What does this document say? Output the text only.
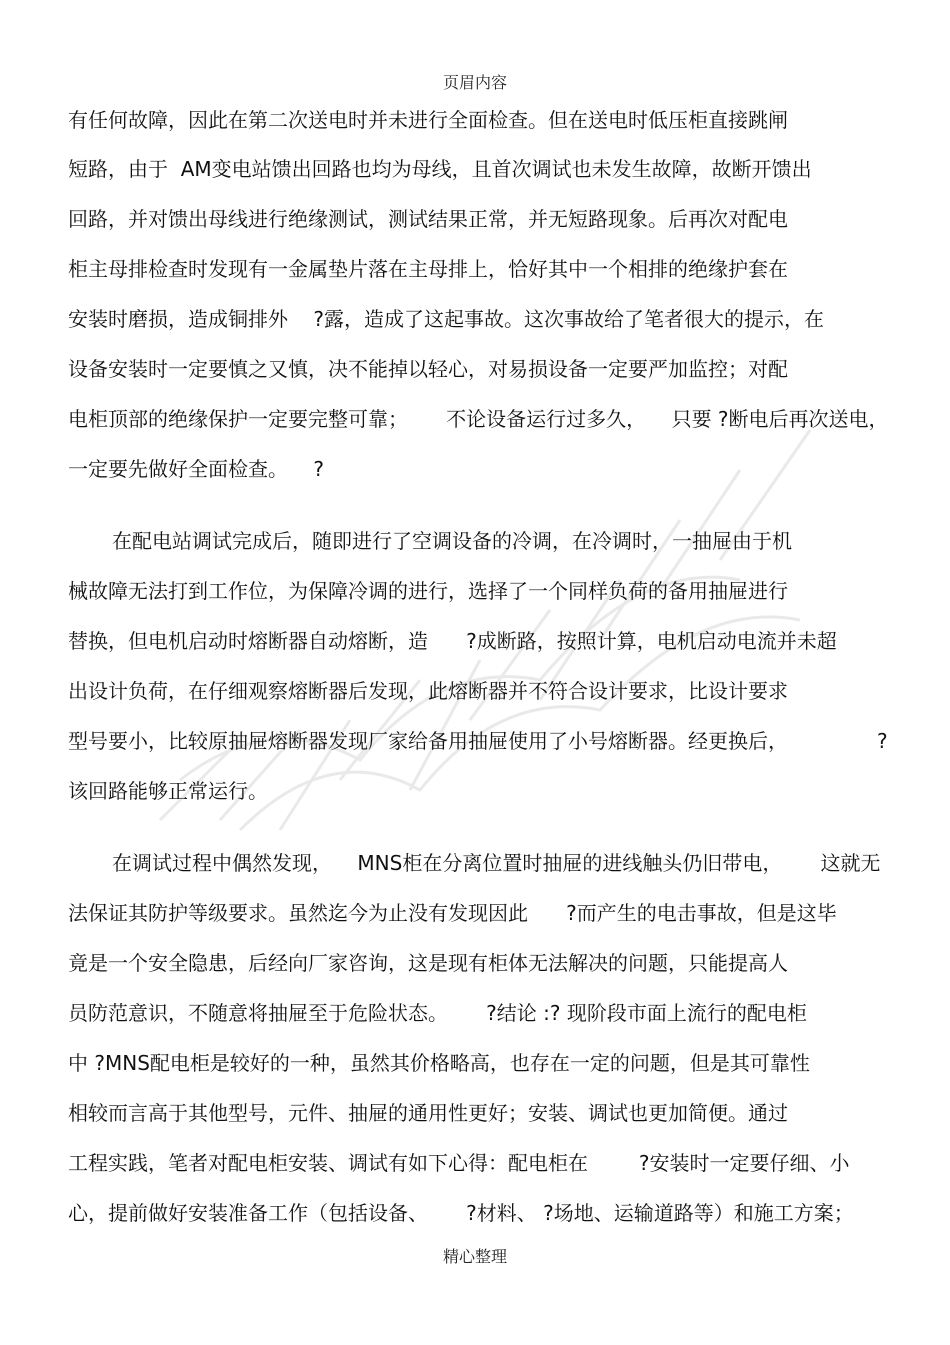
页眉内容
有任何故障，因此在第二次送电时并未进行全面检查。但在送电时低压柜直接跳闸
短路，由于  AM变电站馈出回路也均为母线，且首次调试也未发生故障，故断开馈出
回路，并对馈出母线进行绝缘测试，测试结果正常，并无短路现象。后再次对配电
柜主母排检查时发现有一金属垫片落在主母排上，恰好其中一个相排的绝缘护套在
安装时磨损，造成铜排外    ?露，造成了这起事故。这次事故给了笔者很大的提示，在
设备安装时一定要慎之又慎，决不能掉以轻心，对易损设备一定要严加监控；对配
电柜顶部的绝缘保护一定要完整可靠；      不论设备运行过多久，    只要 ?断电后再次送电，
一定要先做好全面检查。    ?
在配电站调试完成后，随即进行了空调设备的冷调，在冷调时，一抽屉由于机
械故障无法打到工作位，为保障冷调的进行，选择了一个同样负荷的备用抽屉进行
替换，但电机启动时熔断器自动熔断，造      ?成断路，按照计算，电机启动电流并未超
出设计负荷，在仔细观察熔断器后发现，此熔断器并不符合设计要求，比设计要求
型号要小，比较原抽屉熔断器发现厂家给备用抽屉使用了小号熔断器。经更换后，              ?
该回路能够正常运行。
在调试过程中偶然发现，    MNS柜在分离位置时抽屉的进线触头仍旧带电，      这就无
法保证其防护等级要求。虽然迄今为止没有发现因此      ?而产生的电击事故，但是这毕
竟是一个安全隐患，后经向厂家咨询，这是现有柜体无法解决的问题，只能提高人
员防范意识，不随意将抽屉至于危险状态。      ?结论 :? 现阶段市面上流行的配电柜
中 ?MNS配电柜是较好的一种，虽然其价格略高，也存在一定的问题，但是其可靠性
相较而言高于其他型号，元件、抽屉的通用性更好；安装、调试也更加简便。通过
工程实践，笔者对配电柜安装、调试有如下心得：配电柜在        ?安装时一定要仔细、小
心，提前做好安装准备工作（包括设备、      ?材料、 ?场地、运输道路等）和施工方案；
精心整理
